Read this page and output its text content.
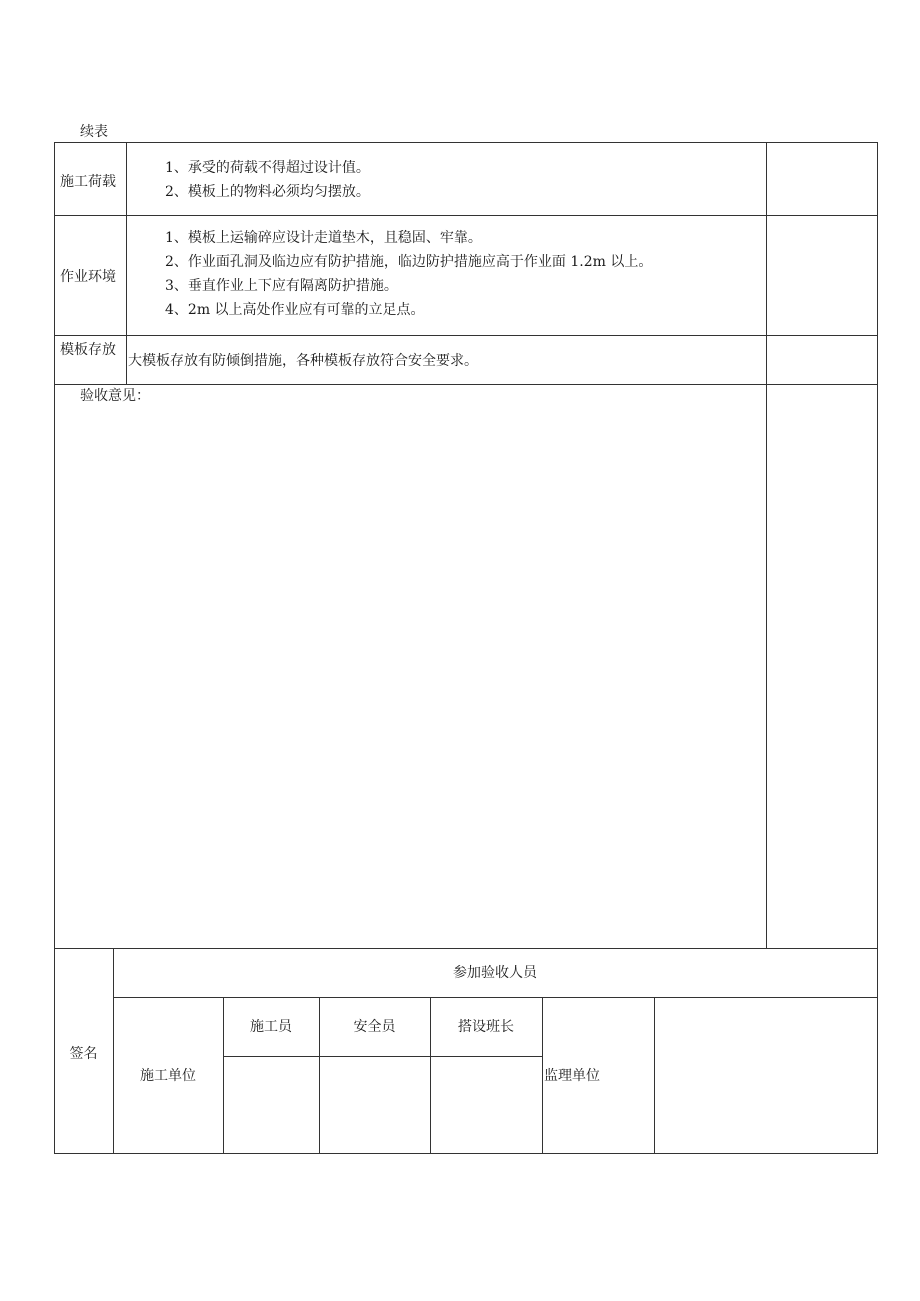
续表
施工荷载
1、承受的荷载不得超过设计值。
2、模板上的物料必须均匀摆放。
作业环境
1、模板上运输碎应设计走道垫木，且稳固、牢靠。
2、作业面孔洞及临边应有防护措施，临边防护措施应高于作业面 1.2m 以上。
3、垂直作业上下应有隔离防护措施。
4、2m 以上高处作业应有可靠的立足点。
模板存放
大模板存放有防倾倒措施，各种模板存放符合安全要求。
验收意见：
签名
参加验收人员
施工单位
施工员	安全员	搭设班长
监理单位
